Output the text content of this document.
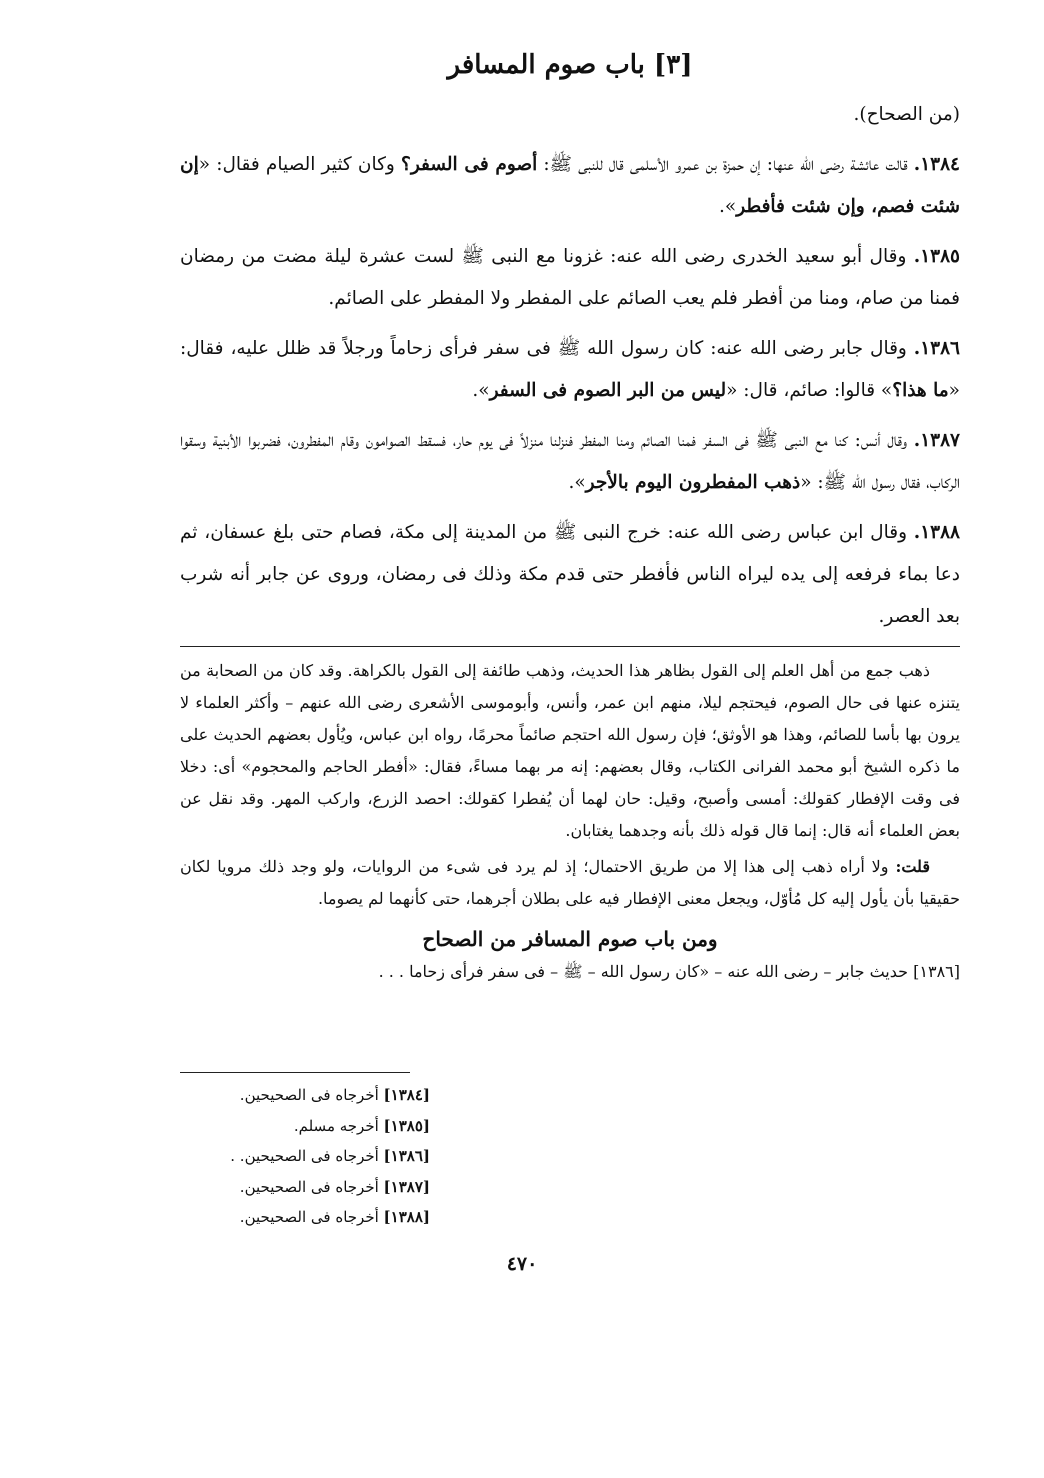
[٣] باب صوم المسافر

(من الصحاح).

١٣٨٤. قالت عائشة رضى الله عنها: إن حمزة بن عمرو الأسلمى قال للنبى ﷺ: أصوم فى السفر؟ وكان كثير الصيام فقال: «إن شئت فصم، وإن شئت فأفطر».

١٣٨٥. وقال أبو سعيد الخدرى رضى الله عنه: غزونا مع النبى ﷺ لست عشرة ليلة مضت من رمضان فمنا من صام، ومنا من أفطر فلم يعب الصائم على المفطر ولا المفطر على الصائم.

١٣٨٦. وقال جابر رضى الله عنه: كان رسول الله ﷺ فى سفر فرأى زحاماً ورجلاً قد ظلل عليه، فقال: «ما هذا؟» قالوا: صائم، قال: «ليس من البر الصوم فى السفر».

١٣٨٧. وقال أنس: كنا مع النبى ﷺ فى السفر فمنا الصائم ومنا المفطر فنزلنا منزلاً فى يوم حار، فسقط الصوامون وقام المفطرون، فضربوا الأبنية وسقوا الركاب، فقال رسول الله ﷺ: «ذهب المفطرون اليوم بالأجر».

١٣٨٨. وقال ابن عباس رضى الله عنه: خرج النبى ﷺ من المدينة إلى مكة، فصام حتى بلغ عسفان، ثم دعا بماء فرفعه إلى يده ليراه الناس فأفطر حتى قدم مكة وذلك فى رمضان، وروى عن جابر أنه شرب بعد العصر.

ذهب جمع من أهل العلم إلى القول بظاهر هذا الحديث، وذهب طائفة إلى القول بالكراهة. وقد كان من الصحابة من يتنزه عنها فى حال الصوم، فيحتجم ليلا، منهم ابن عمر، وأنس، وأبوموسى الأشعرى رضى الله عنهم – وأكثر العلماء لا يرون بها بأسا للصائم، وهذا هو الأوثق؛ فإن رسول الله احتجم صائماً محرمًا، رواه ابن عباس، ويُأول بعضهم الحديث على ما ذكره الشيخ أبو محمد الفرانى الكتاب، وقال بعضهم: إنه مر بهما مساءً، فقال: «أفطر الحاجم والمحجوم» أى: دخلا فى وقت الإفطار كقولك: أمسى وأصبح، وقيل: حان لهما أن يُفطرا كقولك: احصد الزرع، واركب المهر. وقد نقل عن بعض العلماء أنه قال: إنما قال قوله ذلك بأنه وجدهما يغتابان.

قلت: ولا أراه ذهب إلى هذا إلا من طريق الاحتمال؛ إذ لم يرد فى شىء من الروايات، ولو وجد ذلك مرويا لكان حقيقيا بأن يأول إليه كل مُأوّل، ويجعل معنى الإفطار فيه على بطلان أجرهما، حتى كأنهما لم يصوما.

ومن باب صوم المسافر من الصحاح

[١٣٨٦] حديث جابر – رضى الله عنه – «كان رسول الله – ﷺ – فى سفر فرأى زحاما . . .

[١٣٨٤] أخرجاه فى الصحيحين.

[١٣٨٥] أخرجه مسلم.

[١٣٨٦] أخرجاه فى الصحيحين. .

[١٣٨٧] أخرجاه فى الصحيحين.

[١٣٨٨] أخرجاه فى الصحيحين.

٤٧٠
